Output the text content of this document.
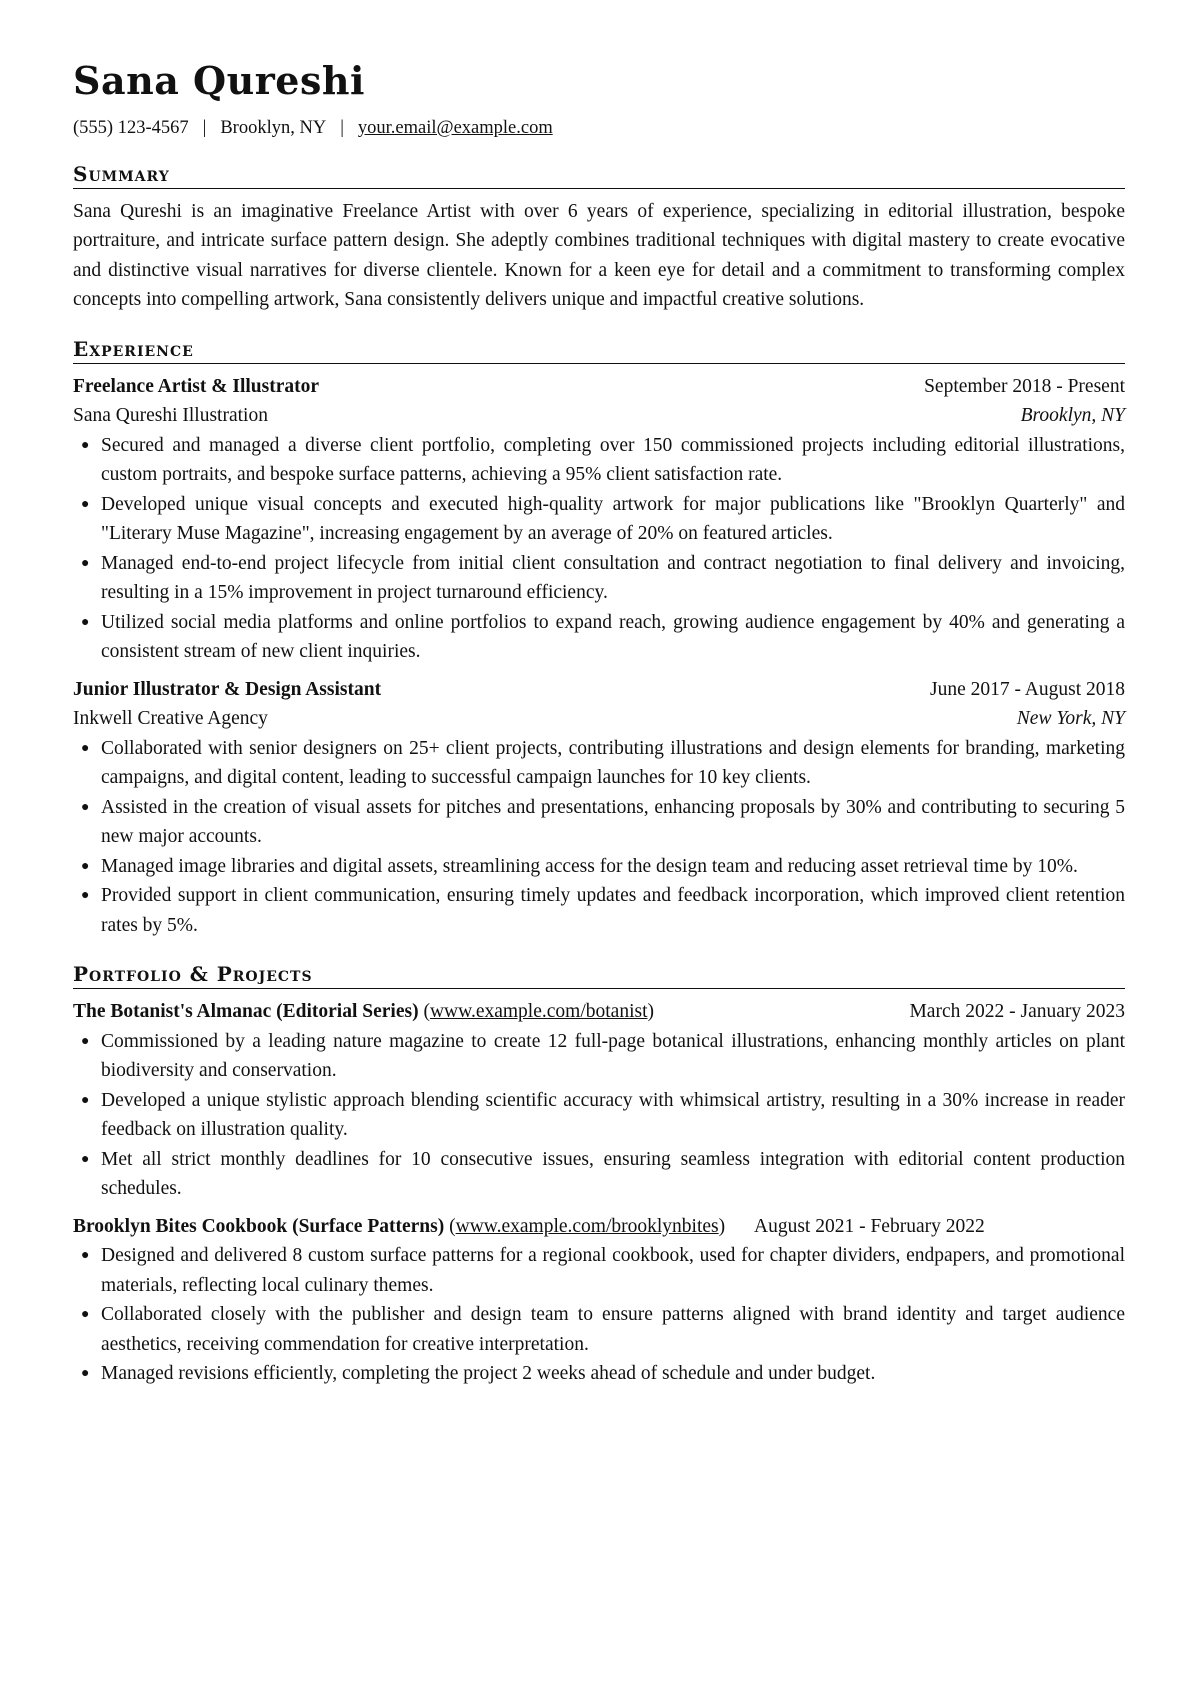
Sana Qureshi
(555) 123-4567 | Brooklyn, NY | your.email@example.com
Summary
Sana Qureshi is an imaginative Freelance Artist with over 6 years of experience, specializing in editorial illustration, bespoke portraiture, and intricate surface pattern design. She adeptly combines traditional techniques with digital mastery to create evocative and distinctive visual narratives for diverse clientele. Known for a keen eye for detail and a commitment to transforming complex concepts into compelling artwork, Sana consistently delivers unique and impactful creative solutions.
Experience
Freelance Artist & Illustrator	September 2018 - Present
Sana Qureshi Illustration	Brooklyn, NY
● Secured and managed a diverse client portfolio, completing over 150 commissioned projects including editorial illustrations, custom portraits, and bespoke surface patterns, achieving a 95% client satisfaction rate.
● Developed unique visual concepts and executed high-quality artwork for major publications like "Brooklyn Quarterly" and "Literary Muse Magazine", increasing engagement by an average of 20% on featured articles.
● Managed end-to-end project lifecycle from initial client consultation and contract negotiation to final delivery and invoicing, resulting in a 15% improvement in project turnaround efficiency.
● Utilized social media platforms and online portfolios to expand reach, growing audience engagement by 40% and generating a consistent stream of new client inquiries.
Junior Illustrator & Design Assistant	June 2017 - August 2018
Inkwell Creative Agency	New York, NY
● Collaborated with senior designers on 25+ client projects, contributing illustrations and design elements for branding, marketing campaigns, and digital content, leading to successful campaign launches for 10 key clients.
● Assisted in the creation of visual assets for pitches and presentations, enhancing proposals by 30% and contributing to securing 5 new major accounts.
● Managed image libraries and digital assets, streamlining access for the design team and reducing asset retrieval time by 10%.
● Provided support in client communication, ensuring timely updates and feedback incorporation, which improved client retention rates by 5%.
Portfolio & Projects
The Botanist's Almanac (Editorial Series) (www.example.com/botanist)	March 2022 - January 2023
● Commissioned by a leading nature magazine to create 12 full-page botanical illustrations, enhancing monthly articles on plant biodiversity and conservation.
● Developed a unique stylistic approach blending scientific accuracy with whimsical artistry, resulting in a 30% increase in reader feedback on illustration quality.
● Met all strict monthly deadlines for 10 consecutive issues, ensuring seamless integration with editorial content production schedules.
Brooklyn Bites Cookbook (Surface Patterns) (www.example.com/brooklynbites) August 2021 - February 2022
● Designed and delivered 8 custom surface patterns for a regional cookbook, used for chapter dividers, endpapers, and promotional materials, reflecting local culinary themes.
● Collaborated closely with the publisher and design team to ensure patterns aligned with brand identity and target audience aesthetics, receiving commendation for creative interpretation.
● Managed revisions efficiently, completing the project 2 weeks ahead of schedule and under budget.
